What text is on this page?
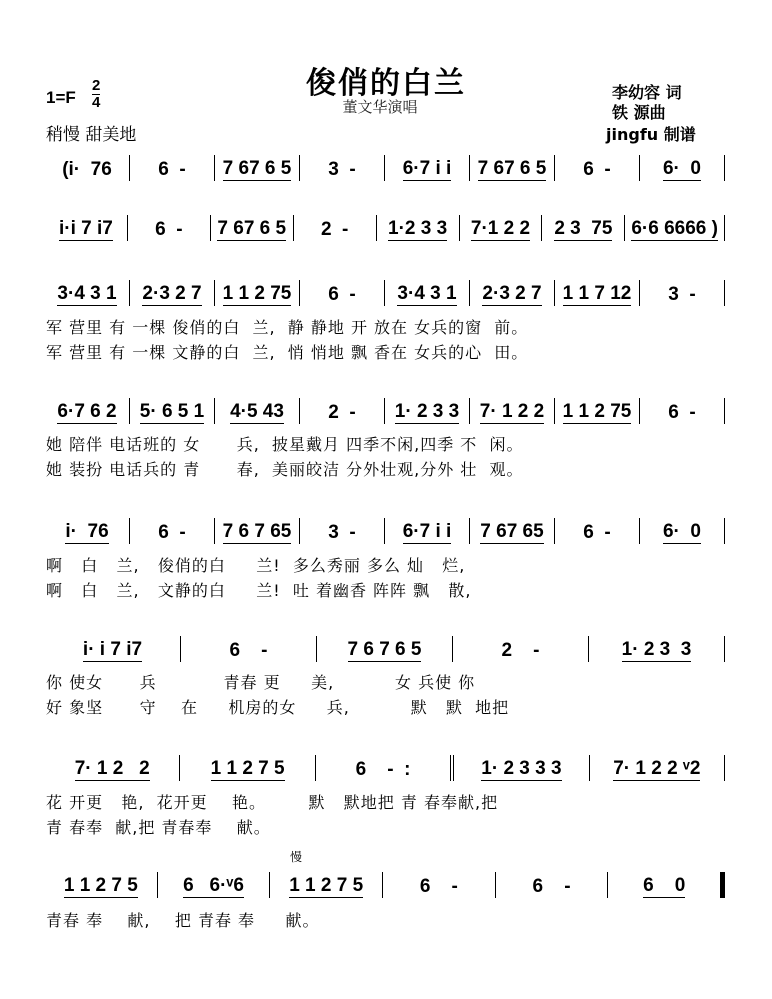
俊俏的白兰
董文华演唱
1=F
2
4
稍慢 甜美地
李幼容 词
铁 源曲
jingfu 制谱
(i·  76 6  - 7 67 6 5 3  - 6·7 i i 7 67 6 5 6  -	6·  0
i·i 7 i7 6  - 7 67 6 5 2  - 1·2 3 3 7·1 2 2 2 3  75 6·6 6666 )
3·4 3 1 2·3 2 7 1 1 2 75 6  - 3·4 3 1 2·3 2 7 1 1 7 12 3  -
军 营里 有 一棵 俊俏的白  兰,  静 静地 开 放在 女兵的窗  前。
军 营里 有 一棵 文静的白  兰,  悄 悄地 飘 香在 女兵的心  田。
6·7 6 2 5· 6 5 1 4·5 43 2  - 1· 2 3 3 7· 1 2 2 1 1 2 75 6  -
她 陪伴 电话班的 女      兵,  披星戴月 四季不闲,四季 不  闲。
她 装扮 电话兵的 青      春,  美丽皎洁 分外壮观,分外 壮  观。
i·  76	6  - 7 6 7 65 3  - 6·7 i i 7 67 65 6  -	6·  0
啊   白   兰,   俊俏的白     兰!  多么秀丽 多么 灿   烂,
啊   白   兰,   文静的白     兰!  吐 着幽香 阵阵 飘   散,
i· i 7 i7	6    -	7 6 7 6 5	2    -	1· 2 3  3
你 使女      兵           青春 更     美,          女 兵使 你
好 象坚      守    在     机房的女     兵,          默   默  地把
7· 1 2   2	1 1 2 7 5	6    -  :	1· 2 3 3 3	7· 1 2 2 ᵛ2
花 开更   艳,  花开更    艳。       默   默地把 青 春奉献,把
青 春奉  献,把 青春奉    献。
1 1 2 7 5 6   6·ᵛ6 1 1 2 7 5	6    -	6    -	6    0
青春 奉    献,    把 青春 奉     献。
慢
